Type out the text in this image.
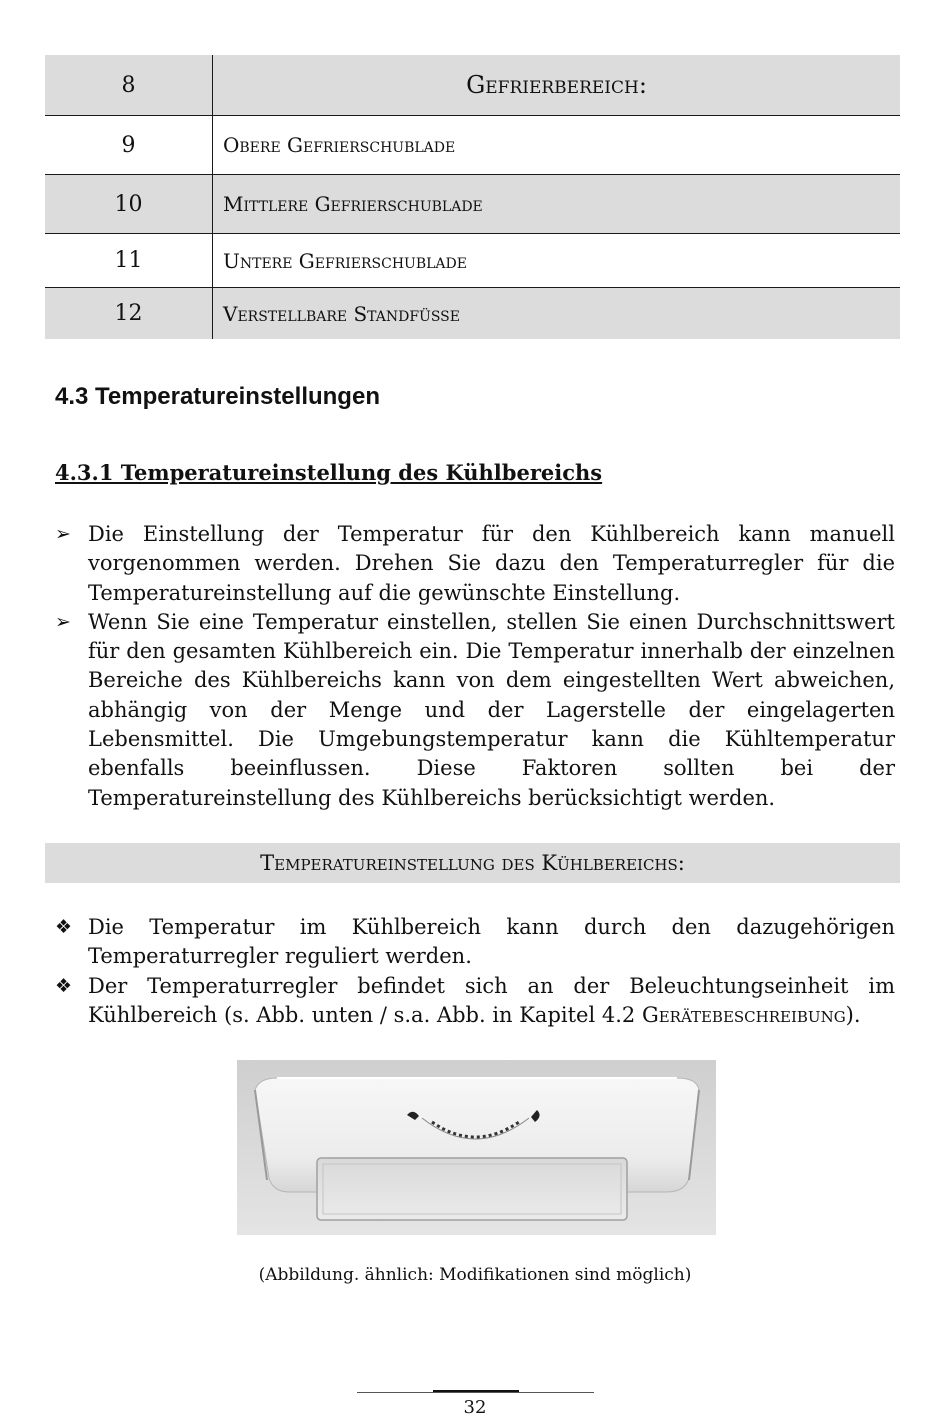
8	Gefrierbereich:
9	Obere Gefrierschublade
10	Mittlere Gefrierschublade
11	Untere Gefrierschublade
12	Verstellbare Standfüße
4.3 Temperatureinstellungen
4.3.1 Temperatureinstellung des Kühlbereichs
➢ Die Einstellung der Temperatur für den Kühlbereich kann manuell vorgenommen werden. Drehen Sie dazu den Temperaturregler für die Temperatureinstellung auf die gewünschte Einstellung.
➢ Wenn Sie eine Temperatur einstellen, stellen Sie einen Durchschnittswert für den gesamten Kühlbereich ein. Die Temperatur innerhalb der einzelnen Bereiche des Kühlbereichs kann von dem eingestellten Wert abweichen, abhängig von der Menge und der Lagerstelle der eingelagerten Lebensmittel. Die Umgebungstemperatur kann die Kühltemperatur ebenfalls beeinflussen. Diese Faktoren sollten bei der Temperatureinstellung des Kühlbereichs berücksichtigt werden.
Temperatureinstellung des Kühlbereichs:
❖ Die Temperatur im Kühlbereich kann durch den dazugehörigen Temperaturregler reguliert werden.
❖ Der Temperaturregler befindet sich an der Beleuchtungseinheit im Kühlbereich (s. Abb. unten / s.a. Abb. in Kapitel 4.2 Gerätebeschreibung).
(Abbildung. ähnlich: Modifikationen sind möglich)
32
